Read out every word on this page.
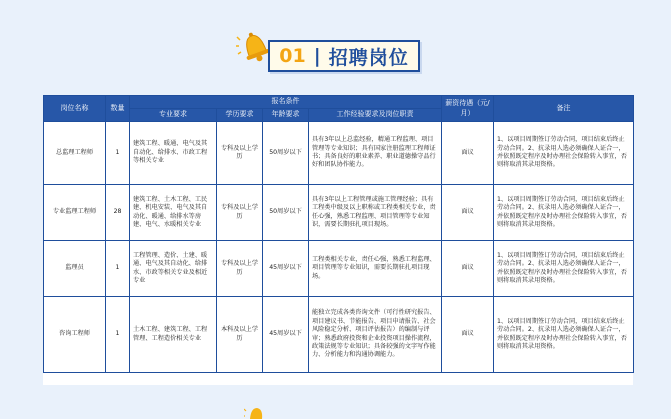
01 | 招聘岗位
岗位名称	数量	报名条件				薪资待遇（元/月）	备注
		专业要求	学历要求	年龄要求	工作经验要求及岗位职责		
总监理工程师	1	建筑工程、暖通、电气及其自动化、给排水、市政工程等相关专业	专科及以上学历	50周岁以下	具有3年以上总监经验，精通工程监理、项目管理等专业知识；具有国家注册监理工程师证书；具备良好的职业素养、职业道德操守品行好和团队协作能力。	面议	1、以项目周期签订劳动合同，项目结束后终止劳动合同。2、抗录用人选必须确保人证合一，并依照既定程序及时办理社会保险转入事宜，否则将取消其录用资格。
专业监理工程师	28	建筑工程、土木工程、工民建、机电安装、电气及其自动化、暖通、给排水等房建、电气、水暖相关专业	专科及以上学历	50周岁以下	具有3年以上工程管理或施工管理经验；具有工程类中级及以上职称或工程类相关专业，责任心强，熟悉工程监理、项目管理等专业知识，需要长期驻扎项目现场。	面议	1、以项目周期签订劳动合同，项目结束后终止劳动合同。2、抗录用人选必须确保人证合一，并依照既定程序及时办理社会保险转入事宜，否则将取消其录用资格。
监理员	1	工程管理、造价、土建、暖通、电气及其自动化、给排水、市政等相关专业及相近专业	专科及以上学历	45周岁以下	工程类相关专业，责任心强，熟悉工程监理、项目管理等专业知识，需要长期驻扎项目现场。	面议	1、以项目周期签订劳动合同，项目结束后终止劳动合同。2、抗录用人选必须确保人证合一，并依照既定程序及时办理社会保险转入事宜，否则将取消其录用资格。
咨询工程师	1	土木工程、建筑工程、工程管理、工程造价相关专业	本科及以上学历	45周岁以下	能独立完成各类咨询文件（可行性研究报告、项目建议书、节能报告、项目申请报告、社会风险稳定分析、项目评估报告）的编制与评审；熟悉政府投资和企业投资项目操作流程，政策法规等专业知识；具备较强的文字写作能力、分析能力和沟通协调能力。	面议	1、以项目周期签订劳动合同，项目结束后终止劳动合同。2、抗录用人选必须确保人证合一，并依照既定程序及时办理社会保险转入事宜，否则将取消其录用资格。
